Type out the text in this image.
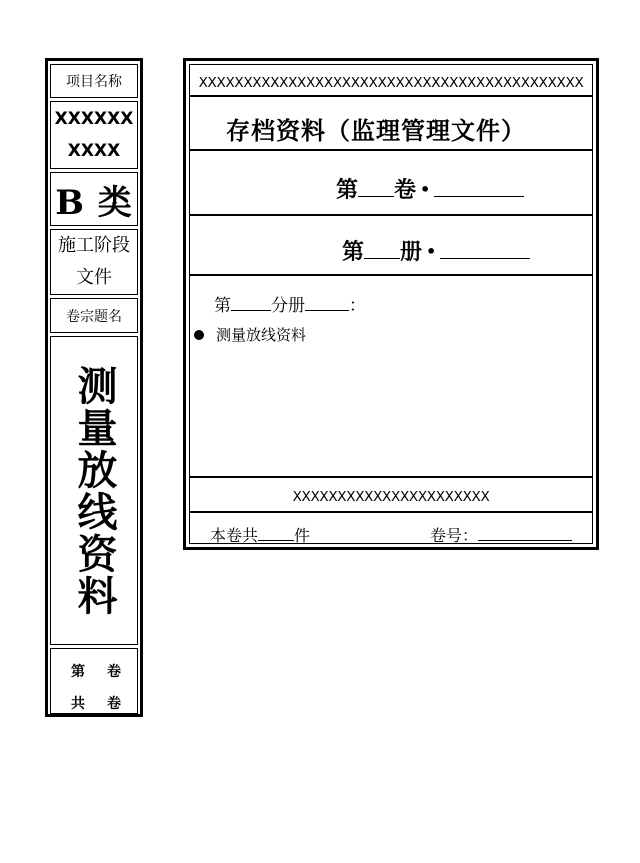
项目名称
XXXXXXXXXX
B 类
施工阶段文件
卷宗题名
测量放线资料
第 卷
共 卷
XXXXXXXXXXXXXXXXXXXXXXXXXXXXXXXXXXXXXXXXXXX
存档资料（监理管理文件）
第 卷 •
第 册 •
第 分册	：
测量放线资料
XXXXXXXXXXXXXXXXXXXXXX
本卷共 件	卷号：
